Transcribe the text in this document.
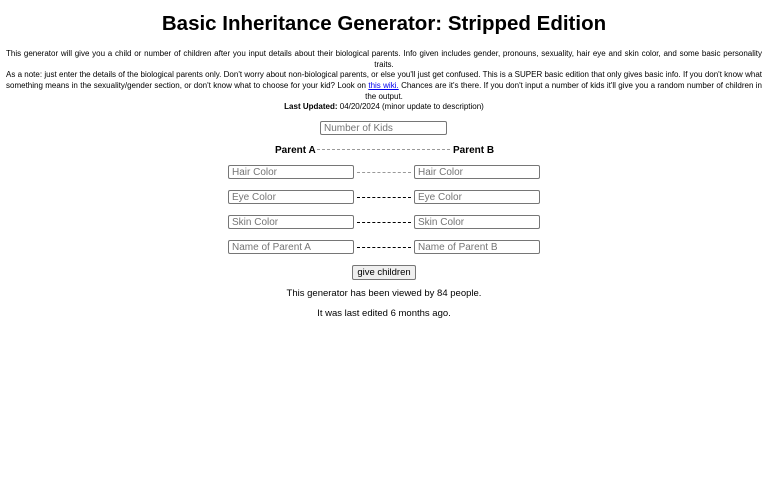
Basic Inheritance Generator: Stripped Edition
This generator will give you a child or number of children after you input details about their biological parents. Info given includes gender, pronouns, sexuality, hair eye and skin color, and some basic personality traits.
As a note: just enter the details of the biological parents only. Don't worry about non-biological parents, or else you'll just get confused. This is a SUPER basic edition that only gives basic info. If you don't know what something means in the sexuality/gender section, or don't know what to choose for your kid? Look on this wiki. Chances are it's there. If you don't input a number of kids it'll give you a random number of children in the output.
Last Updated: 04/20/2024 (minor update to description)
Number of Kids
Parent A	Parent B
Hair Color
Hair Color
Eye Color
Eye Color
Skin Color
Skin Color
Name of Parent A
Name of Parent B
give children
This generator has been viewed by 84 people.
It was last edited 6 months ago.
